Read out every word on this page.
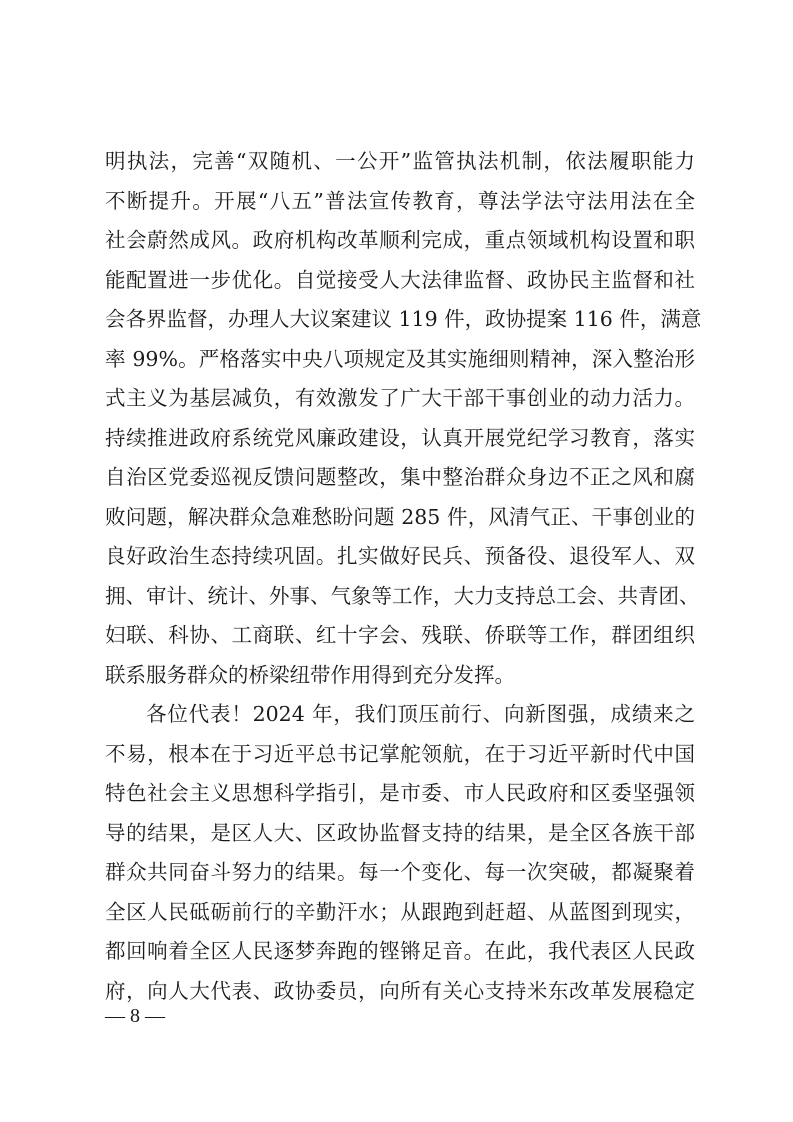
明执法，完善“双随机、一公开”监管执法机制，依法履职能力
不断提升。开展“八五”普法宣传教育，尊法学法守法用法在全
社会蔚然成风。政府机构改革顺利完成，重点领域机构设置和职
能配置进一步优化。自觉接受人大法律监督、政协民主监督和社
会各界监督，办理人大议案建议 119 件，政协提案 116 件，满意
率 99%。严格落实中央八项规定及其实施细则精神，深入整治形
式主义为基层减负，有效激发了广大干部干事创业的动力活力。
持续推进政府系统党风廉政建设，认真开展党纪学习教育，落实
自治区党委巡视反馈问题整改，集中整治群众身边不正之风和腐
败问题，解决群众急难愁盼问题 285 件，风清气正、干事创业的
良好政治生态持续巩固。扎实做好民兵、预备役、退役军人、双
拥、审计、统计、外事、气象等工作，大力支持总工会、共青团、
妇联、科协、工商联、红十字会、残联、侨联等工作，群团组织
联系服务群众的桥梁纽带作用得到充分发挥。
各位代表！2024 年，我们顶压前行、向新图强，成绩来之
不易，根本在于习近平总书记掌舵领航，在于习近平新时代中国
特色社会主义思想科学指引，是市委、市人民政府和区委坚强领
导的结果，是区人大、区政协监督支持的结果，是全区各族干部
群众共同奋斗努力的结果。每一个变化、每一次突破，都凝聚着
全区人民砥砺前行的辛勤汗水；从跟跑到赶超、从蓝图到现实，
都回响着全区人民逐梦奔跑的铿锵足音。在此，我代表区人民政
府，向人大代表、政协委员，向所有关心支持米东改革发展稳定
— 8 —
